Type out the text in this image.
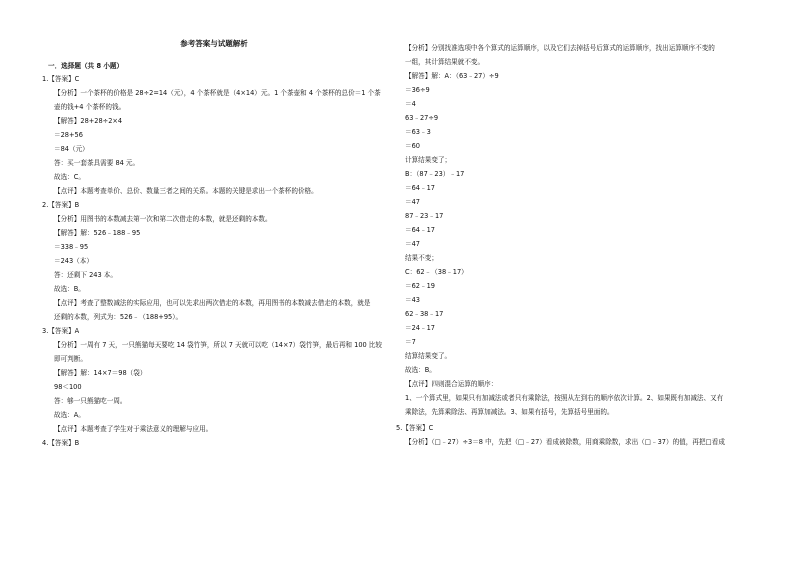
参考答案与试题解析
一．选择题（共 8 小题）
1.【答案】C
【分析】一个茶杯的价格是 28÷2=14（元），4 个茶杯就是（4×14）元。1 个茶壶和 4 个茶杯的总价＝1 个茶
壶的钱+4 个茶杯的钱。
【解答】28+28÷2×4
＝28+56
＝84（元）
答：买一套茶具需要 84 元。
故选：C。
【点评】本题考查单价、总价、数量三者之间的关系。本题的关键是求出一个茶杯的价格。
2.【答案】B
【分析】用图书的本数减去第一次和第二次借走的本数，就是还剩的本数。
【解答】解：526﹣188﹣95
＝338﹣95
＝243（本）
答：还剩下 243 本。
故选：B。
【点评】考查了整数减法的实际应用，也可以先求出两次借走的本数，再用图书的本数减去借走的本数，就是
还剩的本数，列式为：526﹣（188+95）。
3.【答案】A
【分析】一周有 7 天，一只熊猫每天要吃 14 袋竹笋，所以 7 天就可以吃（14×7）袋竹笋，最后再和 100 比较
即可判断。
【解答】解：14×7＝98（袋）
98＜100
答：够一只熊猫吃一周。
故选：A。
【点评】本题考查了学生对于乘法意义的理解与应用。
4.【答案】B
【分析】分别找准选项中各个算式的运算顺序，以及它们去掉括号后算式的运算顺序，找出运算顺序不变的
一组，其计算结果就不变。
【解答】解：A：（63﹣27）÷9
＝36÷9
＝4
63﹣27÷9
＝63﹣3
＝60
计算结果变了；
B：（87﹣23）﹣17
＝64﹣17
＝47
87﹣23﹣17
＝64﹣17
＝47
结果不变；
C：62﹣（38﹣17）
＝62﹣19
＝43
62﹣38﹣17
＝24﹣17
＝7
结算结果变了。
故选：B。
【点评】四则混合运算的顺序：
1、一个算式里，如果只有加减法或者只有乘除法，按照从左到右的顺序依次计算。2、如果既有加减法、又有
乘除法，先算乘除法、再算加减法。3、如果有括号，先算括号里面的。
5.【答案】C
【分析】（□﹣27）÷3＝8 中，先把（□﹣27）看成被除数，用商乘除数，求出（□﹣37）的值，再把□看成
